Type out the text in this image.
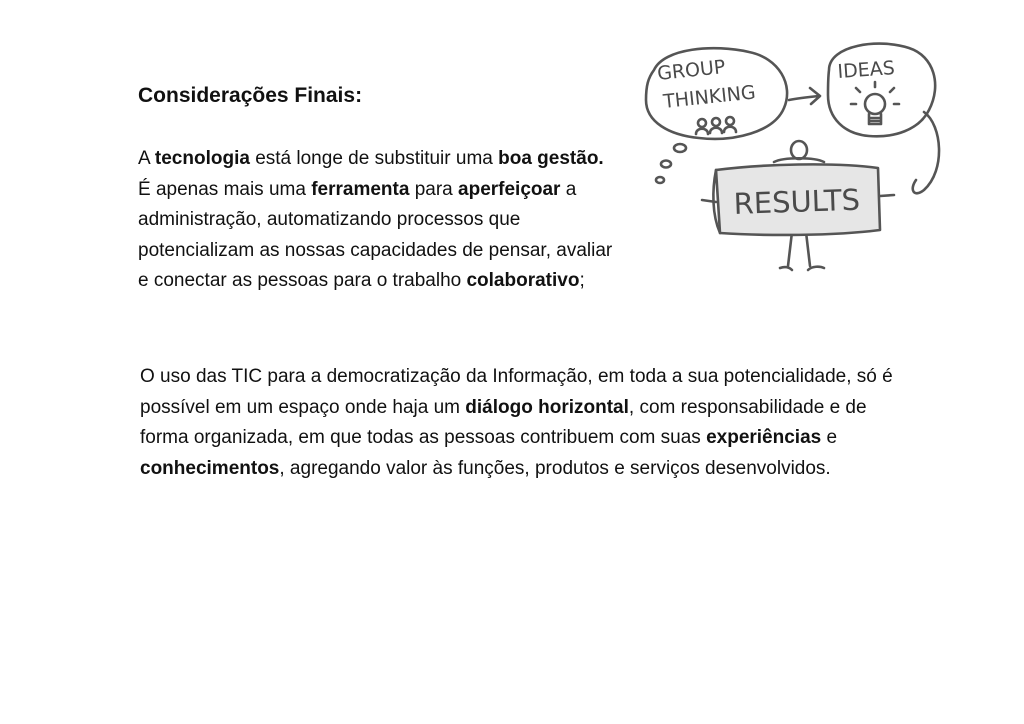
Considerações Finais:

A tecnologia está longe de substituir uma boa gestão. É apenas mais uma ferramenta para aperfeiçoar a administração, automatizando processos que potencializam as nossas capacidades de pensar, avaliar e conectar as pessoas para o trabalho colaborativo;

O uso das TIC para a democratização da Informação, em toda a sua potencialidade, só é possível em um espaço onde haja um diálogo horizontal, com responsabilidade e de forma organizada, em que todas as pessoas contribuem com suas experiências e conhecimentos, agregando valor às funções, produtos e serviços desenvolvidos.

GROUP
THINKING
IDEAS
RESULTS
